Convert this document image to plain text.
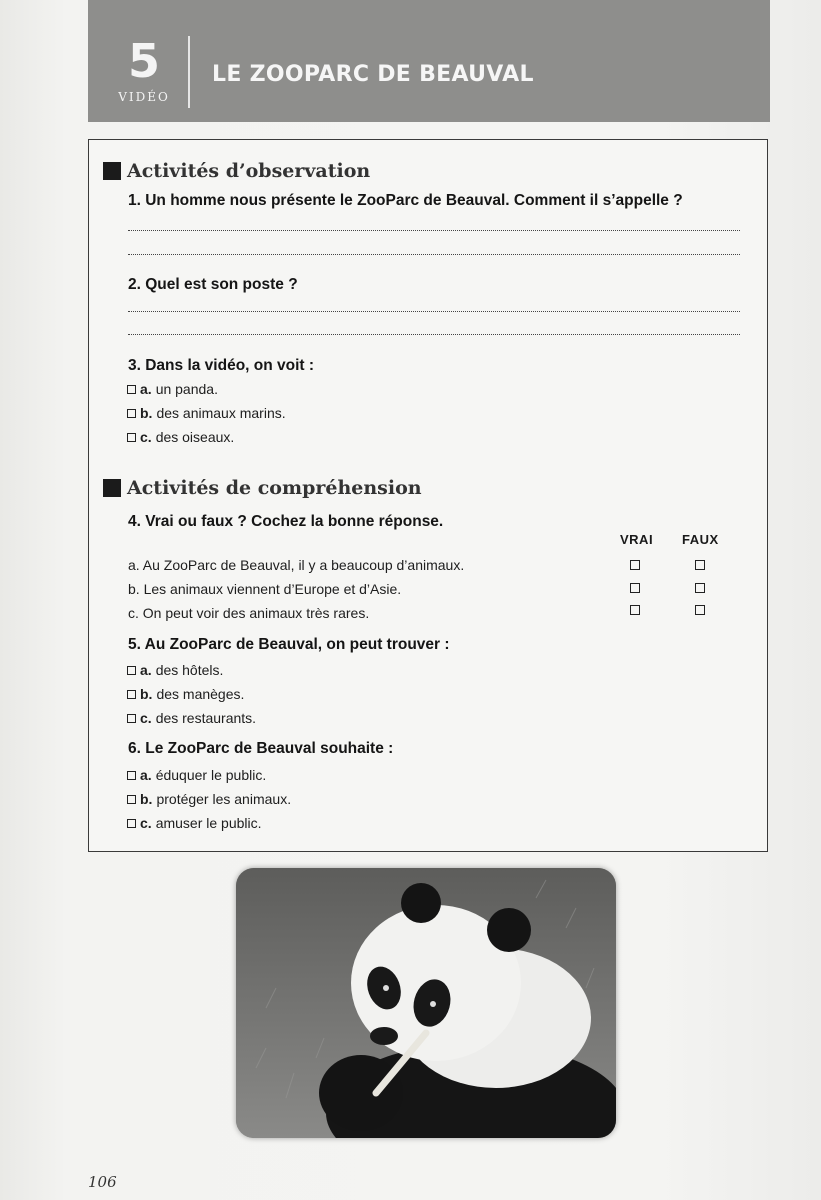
5
VIDÉO
LE ZOOPARC DE BEAUVAL
Activités d’observation
1. Un homme nous présente le ZooParc de Beauval. Comment il s’appelle ?
2. Quel est son poste ?
3. Dans la vidéo, on voit :
a. un panda.
b. des animaux marins.
c. des oiseaux.
Activités de compréhension
4. Vrai ou faux ? Cochez la bonne réponse.
VRAI FAUX
a. Au ZooParc de Beauval, il y a beaucoup d’animaux.
b. Les animaux viennent d’Europe et d’Asie.
c. On peut voir des animaux très rares.
5. Au ZooParc de Beauval, on peut trouver :
a. des hôtels.
b. des manèges.
c. des restaurants.
6. Le ZooParc de Beauval souhaite :
a. éduquer le public.
b. protéger les animaux.
c. amuser le public.
106
